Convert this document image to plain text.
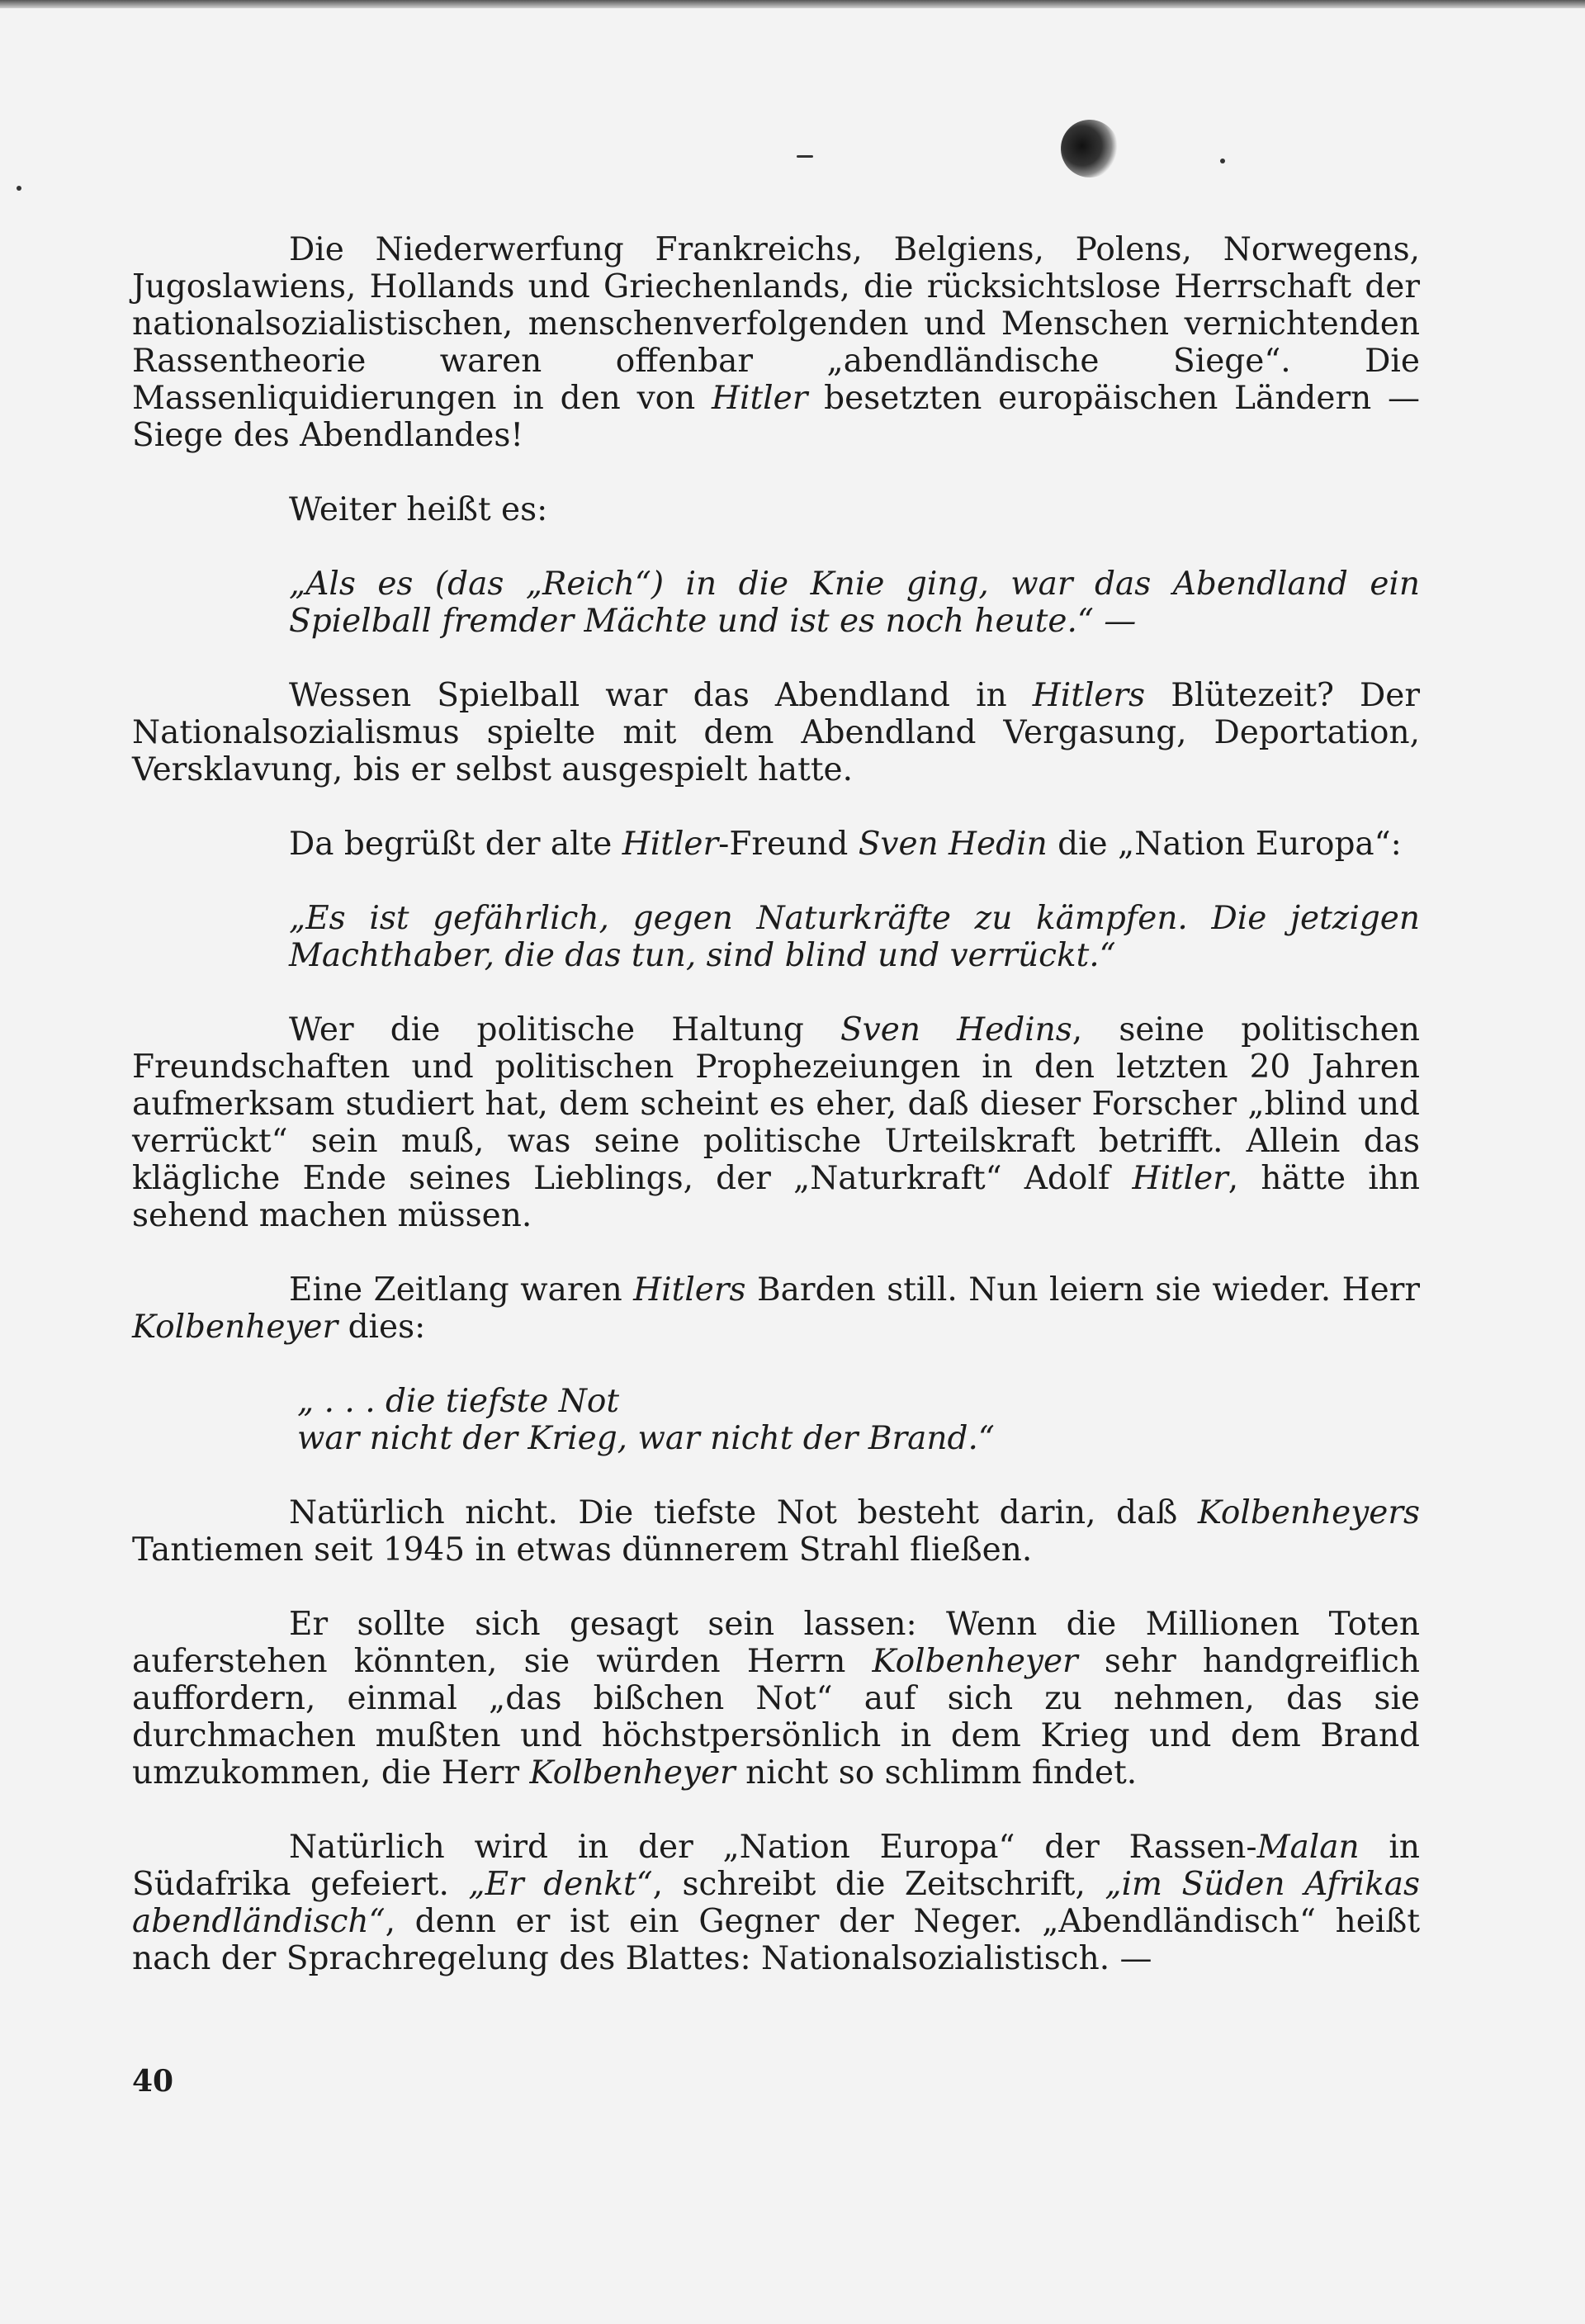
Die Niederwerfung Frankreichs, Belgiens, Polens, Norwegens, Jugoslawiens, Hollands und Griechenlands, die rücksichtslose Herrschaft der nationalsozialistischen, menschenverfolgenden und Menschen vernichtenden Rassentheorie waren offenbar „abendländische Siege“. Die Massenliquidierungen in den von Hitler besetzten europäischen Ländern — Siege des Abendlandes!

Weiter heißt es:

„Als es (das „Reich“) in die Knie ging, war das Abendland ein Spielball fremder Mächte und ist es noch heute.“ —

Wessen Spielball war das Abendland in Hitlers Blütezeit? Der Nationalsozialismus spielte mit dem Abendland Vergasung, Deportation, Versklavung, bis er selbst ausgespielt hatte.

Da begrüßt der alte Hitler-Freund Sven Hedin die „Nation Europa“:

„Es ist gefährlich, gegen Naturkräfte zu kämpfen. Die jetzigen Machthaber, die das tun, sind blind und verrückt.“

Wer die politische Haltung Sven Hedins, seine politischen Freundschaften und politischen Prophezeiungen in den letzten 20 Jahren aufmerksam studiert hat, dem scheint es eher, daß dieser Forscher „blind und verrückt“ sein muß, was seine politische Urteilskraft betrifft. Allein das klägliche Ende seines Lieblings, der „Naturkraft“ Adolf Hitler, hätte ihn sehend machen müssen.

Eine Zeitlang waren Hitlers Barden still. Nun leiern sie wieder. Herr Kolbenheyer dies:

„ . . . die tiefste Not
war nicht der Krieg, war nicht der Brand.“

Natürlich nicht. Die tiefste Not besteht darin, daß Kolbenheyers Tantiemen seit 1945 in etwas dünnerem Strahl fließen.

Er sollte sich gesagt sein lassen: Wenn die Millionen Toten auferstehen könnten, sie würden Herrn Kolbenheyer sehr handgreiflich auffordern, einmal „das bißchen Not“ auf sich zu nehmen, das sie durchmachen mußten und höchstpersönlich in dem Krieg und dem Brand umzukommen, die Herr Kolbenheyer nicht so schlimm findet.

Natürlich wird in der „Nation Europa“ der Rassen-Malan in Südafrika gefeiert. „Er denkt“, schreibt die Zeitschrift, „im Süden Afrikas abendländisch“, denn er ist ein Gegner der Neger. „Abendländisch“ heißt nach der Sprachregelung des Blattes: Nationalsozialistisch. —

40
